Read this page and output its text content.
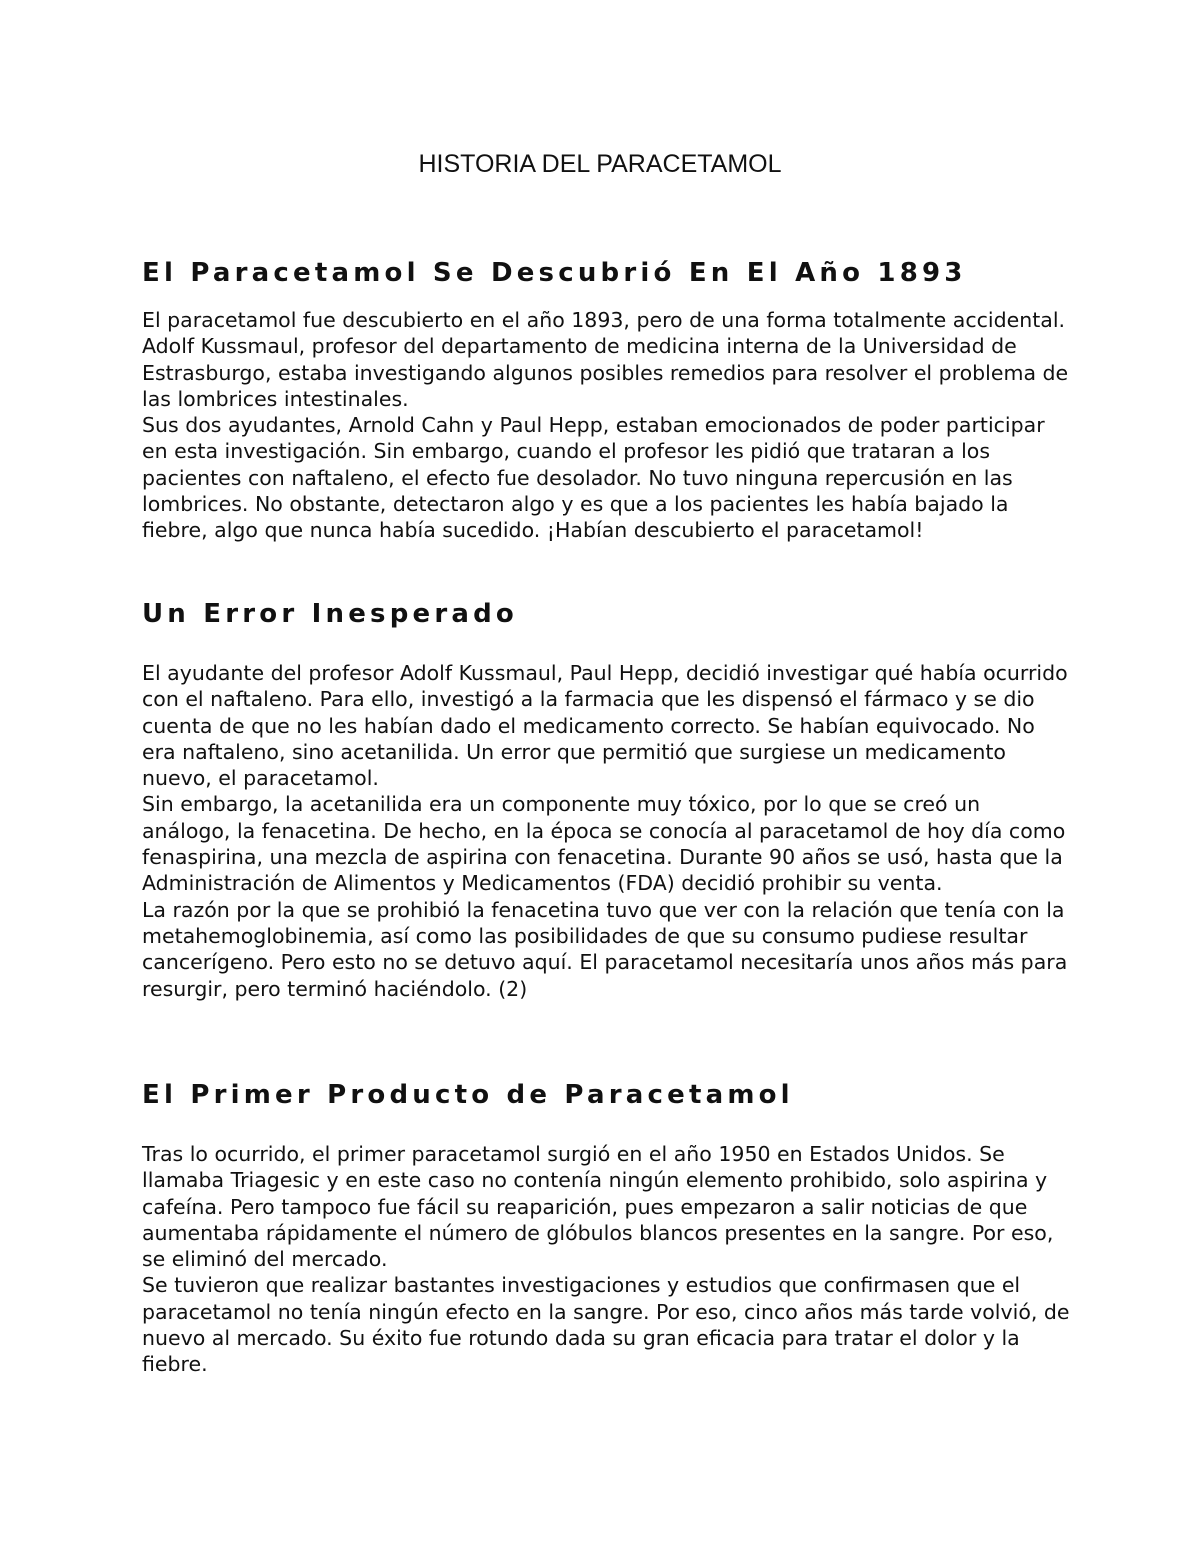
HISTORIA DEL PARACETAMOL
El Paracetamol Se Descubrió En El Año 1893

El paracetamol fue descubierto en el año 1893, pero de una forma totalmente accidental. Adolf Kussmaul, profesor del departamento de medicina interna de la Universidad de Estrasburgo, estaba investigando algunos posibles remedios para resolver el problema de las lombrices intestinales.

Sus dos ayudantes, Arnold Cahn y Paul Hepp, estaban emocionados de poder participar en esta investigación. Sin embargo, cuando el profesor les pidió que trataran a los pacientes con naftaleno, el efecto fue desolador. No tuvo ninguna repercusión en las lombrices. No obstante, detectaron algo y es que a los pacientes les había bajado la fiebre, algo que nunca había sucedido. ¡Habían descubierto el paracetamol!

Un Error Inesperado

El ayudante del profesor Adolf Kussmaul, Paul Hepp, decidió investigar qué había ocurrido con el naftaleno. Para ello, investigó a la farmacia que les dispensó el fármaco y se dio cuenta de que no les habían dado el medicamento correcto. Se habían equivocado. No era naftaleno, sino acetanilida. Un error que permitió que surgiese un medicamento nuevo, el paracetamol.

Sin embargo, la acetanilida era un componente muy tóxico, por lo que se creó un análogo, la fenacetina. De hecho, en la época se conocía al paracetamol de hoy día como fenaspirina, una mezcla de aspirina con fenacetina. Durante 90 años se usó, hasta que la Administración de Alimentos y Medicamentos (FDA) decidió prohibir su venta.

La razón por la que se prohibió la fenacetina tuvo que ver con la relación que tenía con la metahemoglobinemia, así como las posibilidades de que su consumo pudiese resultar cancerígeno. Pero esto no se detuvo aquí. El paracetamol necesitaría unos años más para resurgir, pero terminó haciéndolo. (2)

El Primer Producto de Paracetamol

Tras lo ocurrido, el primer paracetamol surgió en el año 1950 en Estados Unidos. Se llamaba Triagesic y en este caso no contenía ningún elemento prohibido, solo aspirina y cafeína. Pero tampoco fue fácil su reaparición, pues empezaron a salir noticias de que aumentaba rápidamente el número de glóbulos blancos presentes en la sangre. Por eso, se eliminó del mercado.

Se tuvieron que realizar bastantes investigaciones y estudios que confirmasen que el paracetamol no tenía ningún efecto en la sangre. Por eso, cinco años más tarde volvió, de nuevo al mercado. Su éxito fue rotundo dada su gran eficacia para tratar el dolor y la fiebre.
